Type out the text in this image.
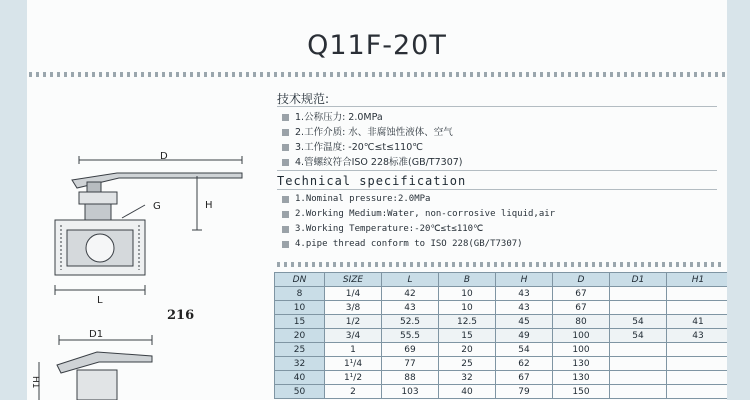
Q11F-20T
技术规范:
1.公称压力: 2.0MPa
2.工作介质: 水、非腐蚀性液体、空气
3.工作温度: -20℃≤t≤110℃
4.管螺纹符合ISO 228标准(GB/T7307)
Technical specification
1.Nominal pressure:2.0MPa
2.Working Medium:Water, non-corrosive liquid,air
3.Working Temperature:-20℃≤t≤110℃
4.pipe thread conform to ISO 228(GB/T7307)
D
G	H
L
D1
H1
216
DN	SIZE	L	B	H	D	D1	H1
8	1/4	42	10	43	67		
10	3/8	43	10	43	67		
15	1/2	52.5	12.5	45	80	54	41
20	3/4	55.5	15	49	100	54	43
25	1	69	20	54	100		
32	1¹/4	77	25	62	130		
40	1¹/2	88	32	67	130		
50	2	103	40	79	150		
